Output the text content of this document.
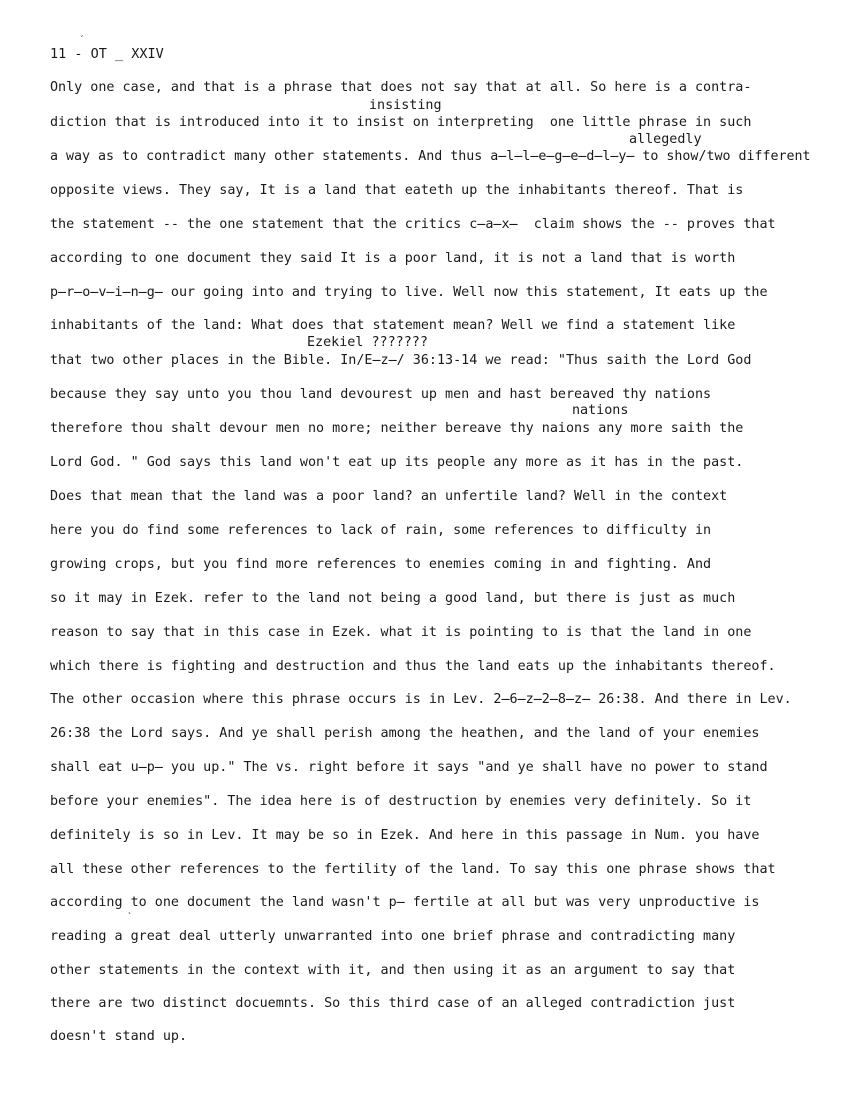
ˊ
11 - OT _ XXIV
insisting
allegedly
Ezekiel ???????
nations
ˋ
Only one case, and that is a phrase that does not say that at all. So here is a contra-
diction that is introduced into it to insist on interpreting  one little phrase in such
a way as to contradict many other statements. And thus a̶l̶l̶e̶g̶e̶d̶l̶y̶ to show/two different
opposite views. They say, It is a land that eateth up the inhabitants thereof. That is
the statement -- the one statement that the critics c̶a̶x̶  claim shows the -- proves that
according to one document they said It is a poor land, it is not a land that is worth
p̶r̶o̶v̶i̶n̶g̶ our going into and trying to live. Well now this statement, It eats up the
inhabitants of the land: What does that statement mean? Well we find a statement like
that two other places in the Bible. In/E̶z̶/ 36:13-14 we read: "Thus saith the Lord God
because they say unto you thou land devourest up men and hast bereaved thy nations
therefore thou shalt devour men no more; neither bereave thy naions any more saith the
Lord God. " God says this land won't eat up its people any more as it has in the past.
Does that mean that the land was a poor land? an unfertile land? Well in the context
here you do find some references to lack of rain, some references to difficulty in
growing crops, but you find more references to enemies coming in and fighting. And
so it may in Ezek. refer to the land not being a good land, but there is just as much
reason to say that in this case in Ezek. what it is pointing to is that the land in one
which there is fighting and destruction and thus the land eats up the inhabitants thereof.
The other occasion where this phrase occurs is in Lev. 2̶6̶z̶2̶8̶z̶ 26:38. And there in Lev.
26:38 the Lord says. And ye shall perish among the heathen, and the land of your enemies
shall eat u̶p̶ you up." The vs. right before it says "and ye shall have no power to stand
before your enemies". The idea here is of destruction by enemies very definitely. So it
definitely is so in Lev. It may be so in Ezek. And here in this passage in Num. you have
all these other references to the fertility of the land. To say this one phrase shows that
according to one document the land wasn't p̶ fertile at all but was very unproductive is
reading a great deal utterly unwarranted into one brief phrase and contradicting many
other statements in the context with it, and then using it as an argument to say that
there are two distinct docuemnts. So this third case of an alleged contradiction just
doesn't stand up.
